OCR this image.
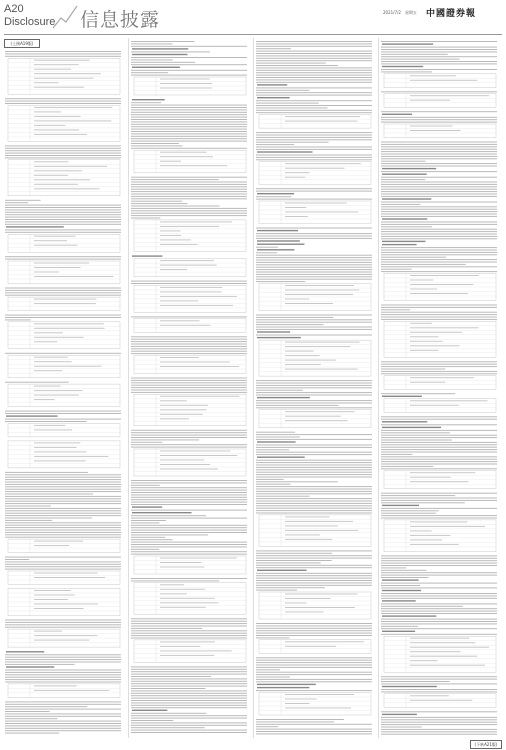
A20
Disclosure 信息披露	2021/7/2 星期五 中國證券報
(上接A19版)
(下转A21版)
